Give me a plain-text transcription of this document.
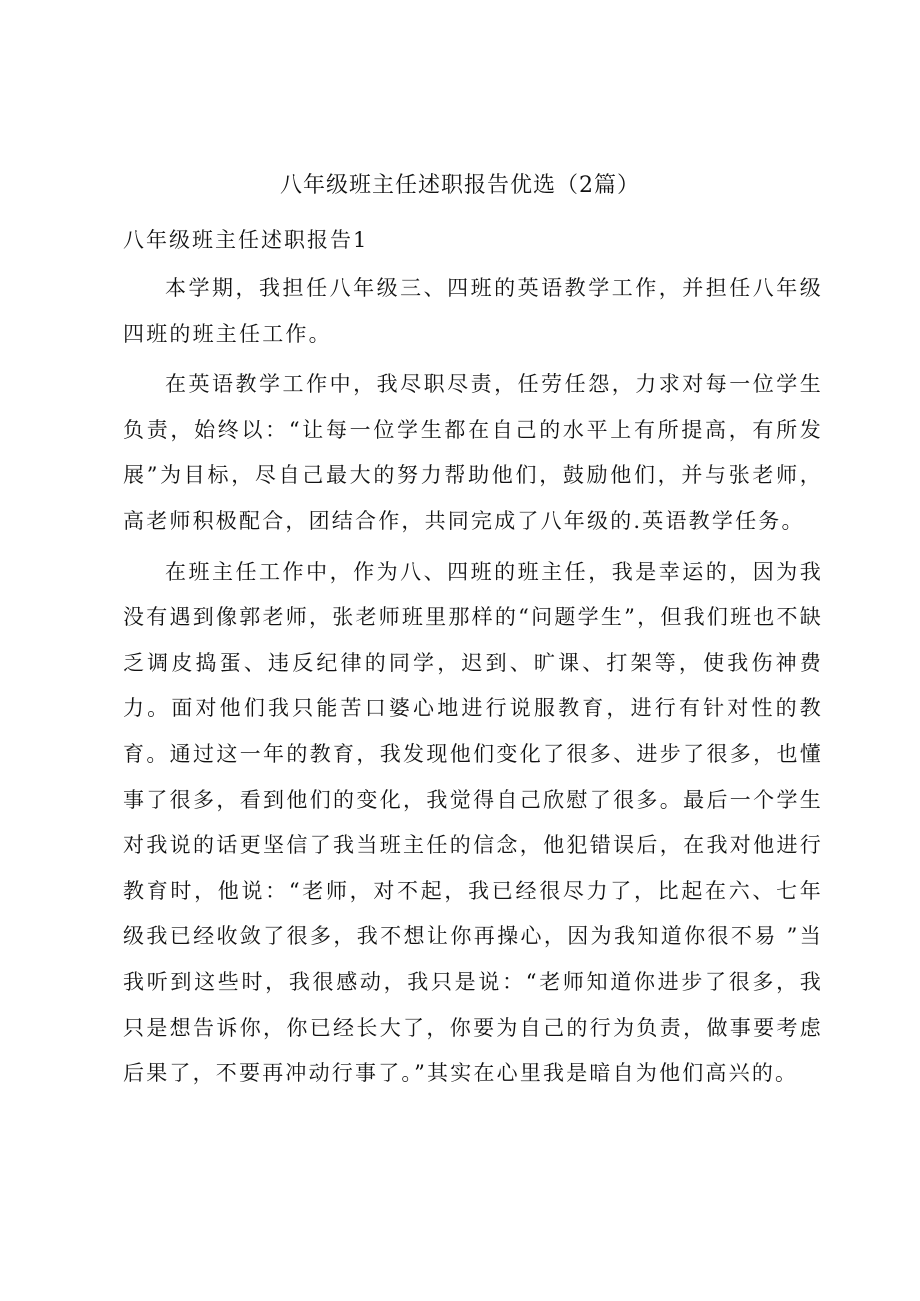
八年级班主任述职报告优选（2篇）
八年级班主任述职报告1

本学期，我担任八年级三、四班的英语教学工作，并担任八年级四班的班主任工作。

在英语教学工作中，我尽职尽责，任劳任怨，力求对每一位学生负责，始终以：“让每一位学生都在自己的水平上有所提高，有所发展”为目标，尽自己最大的努力帮助他们，鼓励他们，并与张老师，高老师积极配合，团结合作，共同完成了八年级的.英语教学任务。

在班主任工作中，作为八、四班的班主任，我是幸运的，因为我没有遇到像郭老师，张老师班里那样的“问题学生”，但我们班也不缺乏调皮捣蛋、违反纪律的同学，迟到、旷课、打架等，使我伤神费力。面对他们我只能苦口婆心地进行说服教育，进行有针对性的教育。通过这一年的教育，我发现他们变化了很多、进步了很多，也懂事了很多，看到他们的变化，我觉得自己欣慰了很多。最后一个学生对我说的话更坚信了我当班主任的信念，他犯错误后，在我对他进行教育时，他说：“老师，对不起，我已经很尽力了，比起在六、七年级我已经收敛了很多，我不想让你再操心，因为我知道你很不易 ”当我听到这些时，我很感动，我只是说：“老师知道你进步了很多，我只是想告诉你，你已经长大了，你要为自己的行为负责，做事要考虑后果了，不要再冲动行事了。”其实在心里我是暗自为他们高兴的。
